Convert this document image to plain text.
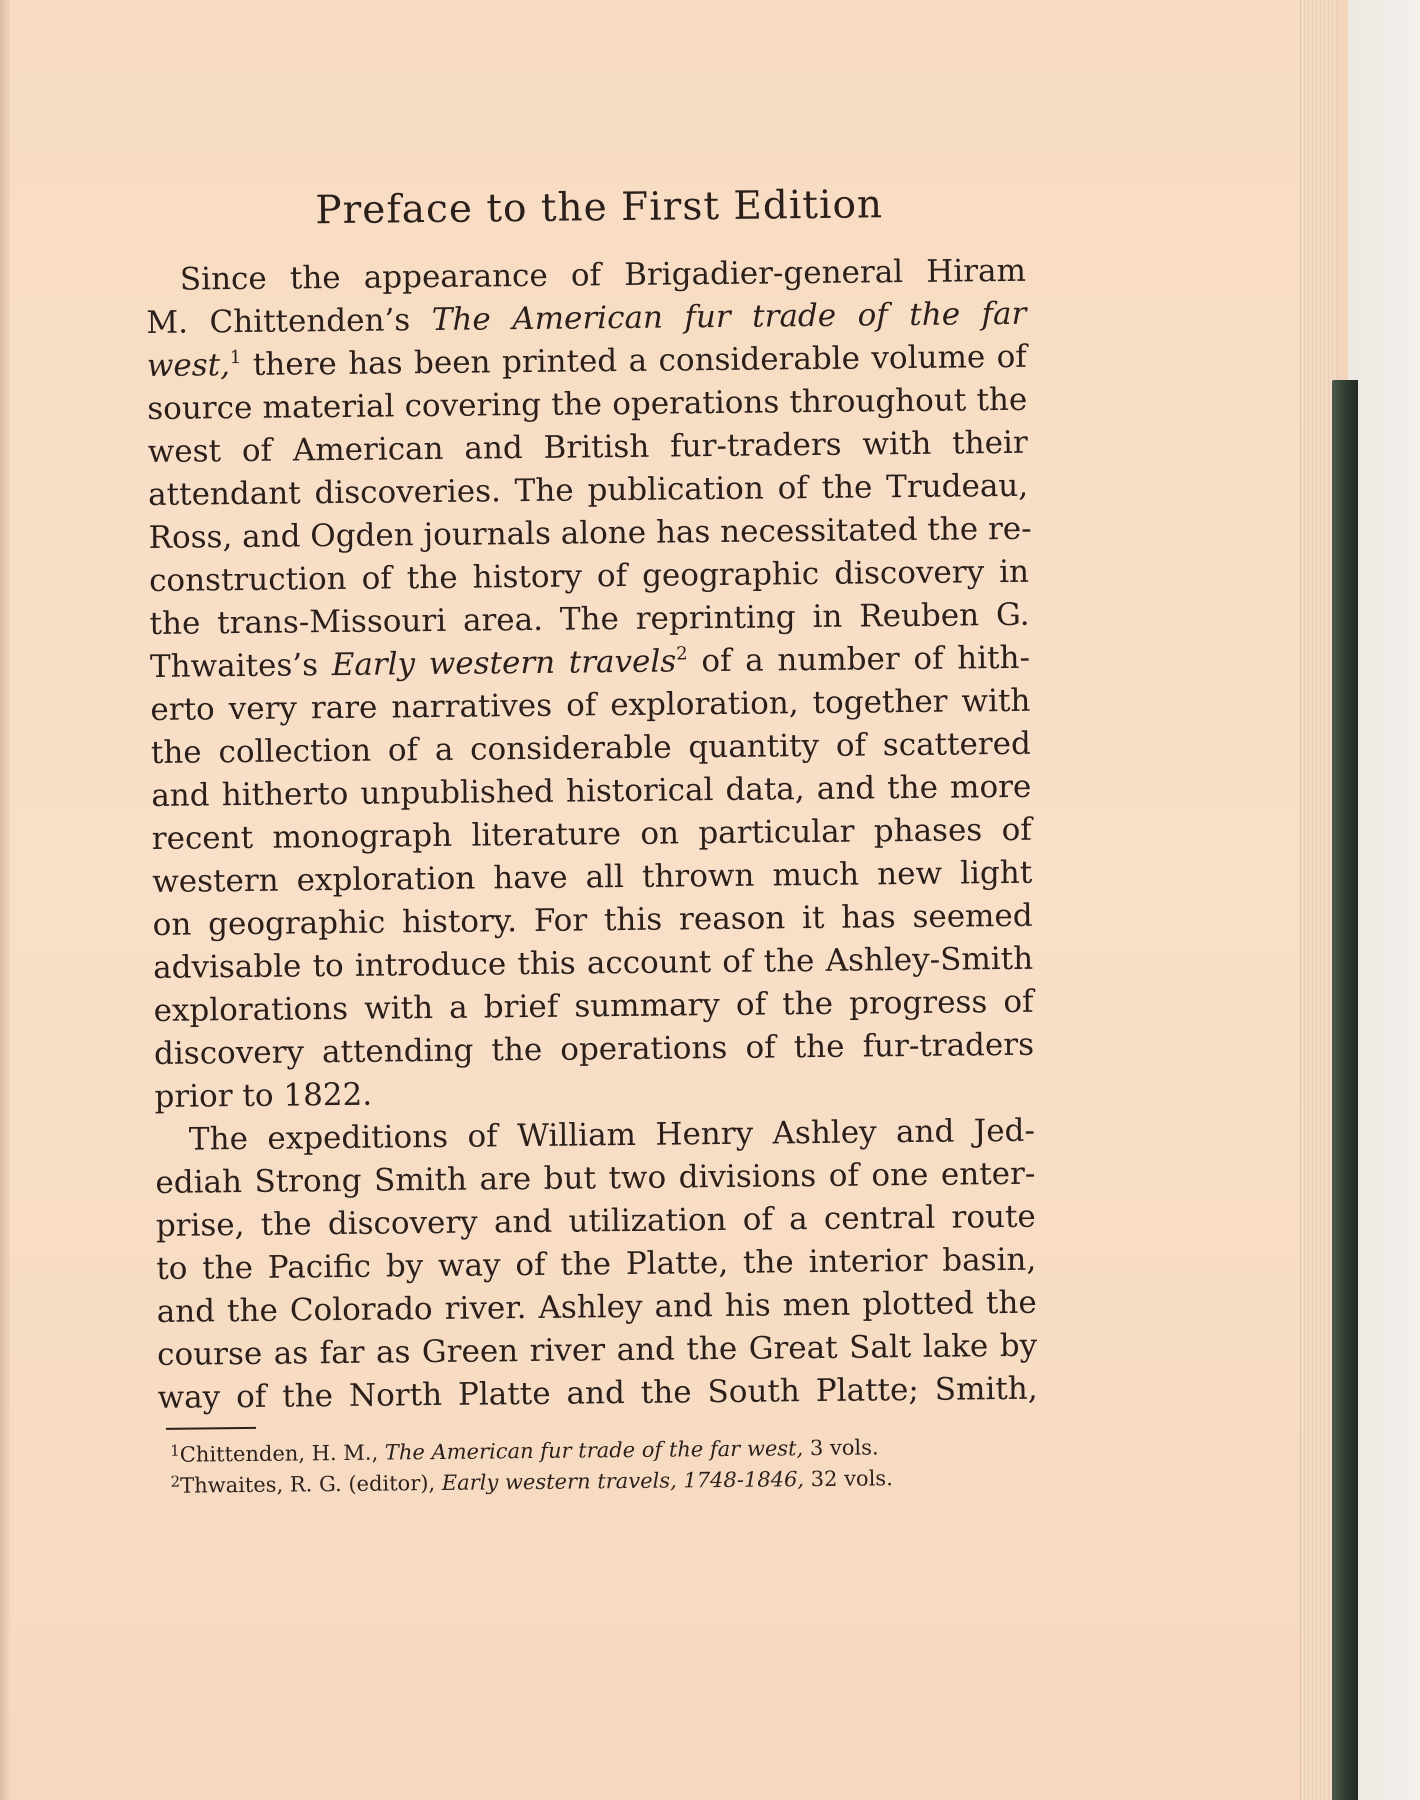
Preface to the First Edition

Since the appearance of Brigadier-general Hiram
M. Chittenden’s The American fur trade of the far
west,$^1$ there has been printed a considerable volume of
source material covering the operations throughout the
west of American and British fur-traders with their
attendant discoveries. The publication of the Trudeau,
Ross, and Ogden journals alone has necessitated the re-
construction of the history of geographic discovery in
the trans-Missouri area. The reprinting in Reuben G.
Thwaites’s Early western travels$^2$ of a number of hith-
erto very rare narratives of exploration, together with
the collection of a considerable quantity of scattered
and hitherto unpublished historical data, and the more
recent monograph literature on particular phases of
western exploration have all thrown much new light
on geographic history. For this reason it has seemed
advisable to introduce this account of the Ashley-Smith
explorations with a brief summary of the progress of
discovery attending the operations of the fur-traders
prior to 1822.

The expeditions of William Henry Ashley and Jed-
ediah Strong Smith are but two divisions of one enter-
prise, the discovery and utilization of a central route
to the Pacific by way of the Platte, the interior basin,
and the Colorado river. Ashley and his men plotted the
course as far as Green river and the Great Salt lake by
way of the North Platte and the South Platte; Smith,

$^1$Chittenden, H. M., The American fur trade of the far west, 3 vols.
$^2$Thwaites, R. G. (editor), Early western travels, 1748-1846, 32 vols.
